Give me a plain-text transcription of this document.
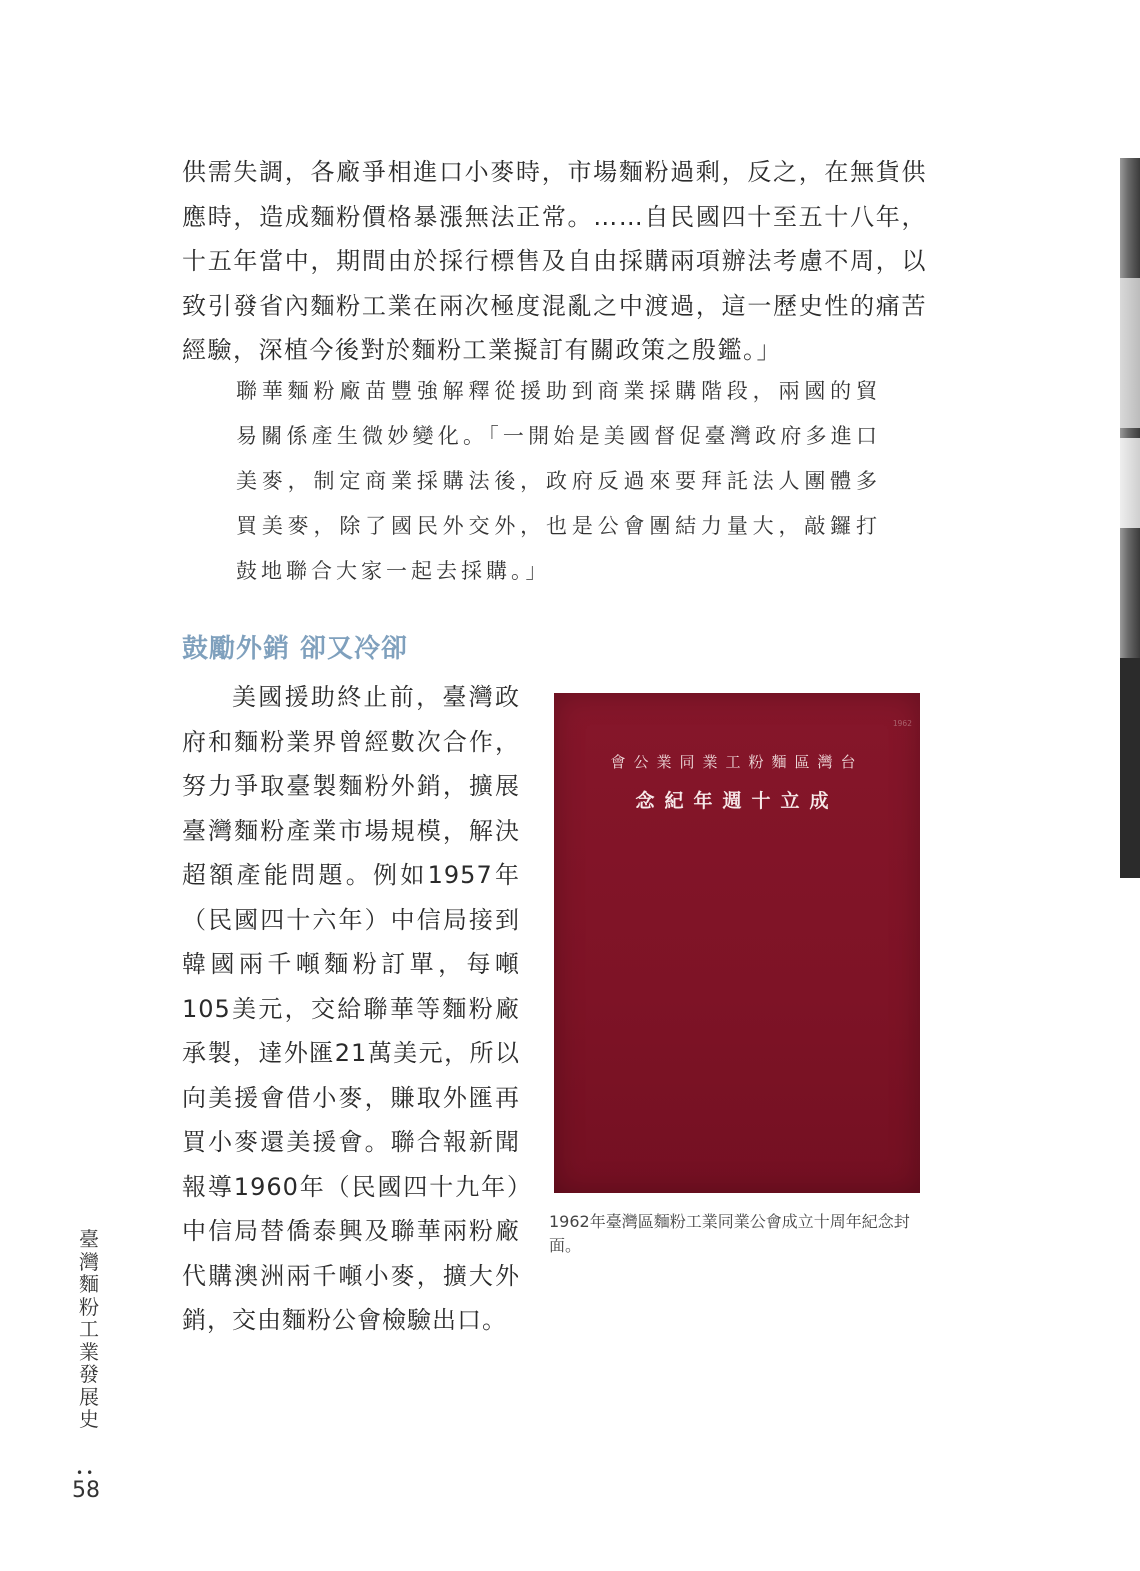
供需失調，各廠爭相進口小麥時，市場麵粉過剩，反之，在無貨供應時，造成麵粉價格暴漲無法正常。……自民國四十至五十八年，十五年當中，期間由於採行標售及自由採購兩項辦法考慮不周，以致引發省內麵粉工業在兩次極度混亂之中渡過，這一歷史性的痛苦經驗，深植今後對於麵粉工業擬訂有關政策之殷鑑。」

聯華麵粉廠苗豐強解釋從援助到商業採購階段，兩國的貿易關係產生微妙變化。「一開始是美國督促臺灣政府多進口美麥，制定商業採購法後，政府反過來要拜託法人團體多買美麥，除了國民外交外，也是公會團結力量大，敲鑼打鼓地聯合大家一起去採購。」

鼓勵外銷 卻又冷卻

美國援助終止前，臺灣政府和麵粉業界曾經數次合作，努力爭取臺製麵粉外銷，擴展臺灣麵粉產業市場規模，解決超額產能問題。例如1957年（民國四十六年）中信局接到韓國兩千噸麵粉訂單，每噸105美元，交給聯華等麵粉廠承製，達外匯21萬美元，所以向美援會借小麥，賺取外匯再買小麥還美援會。聯合報新聞報導1960年（民國四十九年）中信局替僑泰興及聯華兩粉廠代購澳洲兩千噸小麥，擴大外銷，交由麵粉公會檢驗出口。

1962
會公業同業工粉麵區灣台
念紀年週十立成

1962年臺灣區麵粉工業同業公會成立十周年紀念封面。

臺灣麵粉工業發展史
••
58
